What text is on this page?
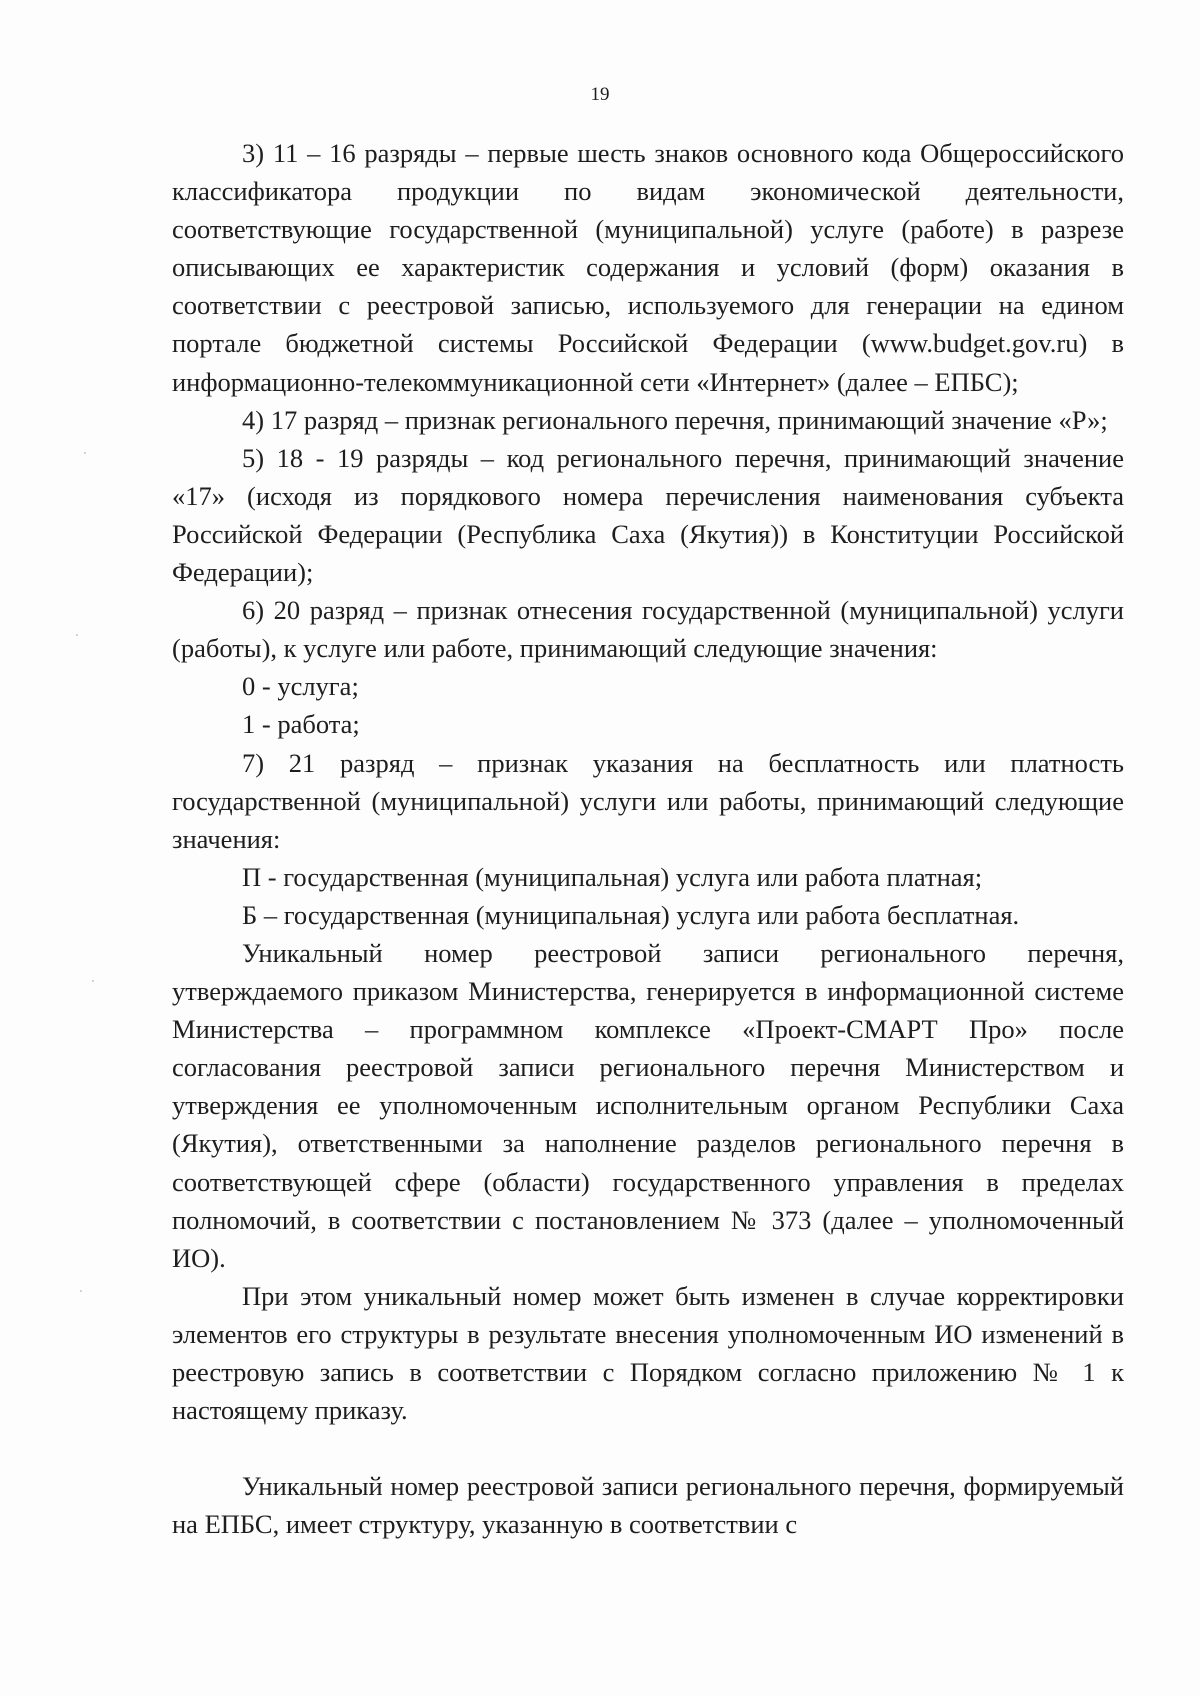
19

3) 11 – 16 разряды – первые шесть знаков основного кода Общероссийского классификатора продукции по видам экономической деятельности, соответствующие государственной (муниципальной) услуге (работе) в разрезе описывающих ее характеристик содержания и условий (форм) оказания в соответствии с реестровой записью, используемого для генерации на едином портале бюджетной системы Российской Федерации (www.budget.gov.ru) в информационно-телекоммуникационной сети «Интернет» (далее – ЕПБС);

4) 17 разряд – признак регионального перечня, принимающий значение «Р»;

5) 18 - 19 разряды – код регионального перечня, принимающий значение «17» (исходя из порядкового номера перечисления наименования субъекта Российской Федерации (Республика Саха (Якутия)) в Конституции Российской Федерации);

6) 20 разряд – признак отнесения государственной (муниципальной) услуги (работы), к услуге или работе, принимающий следующие значения:

0 - услуга;

1 - работа;

7) 21 разряд – признак указания на бесплатность или платность государственной (муниципальной) услуги или работы, принимающий следующие значения:

П - государственная (муниципальная) услуга или работа платная;

Б – государственная (муниципальная) услуга или работа бесплатная.

Уникальный номер реестровой записи регионального перечня, утверждаемого приказом Министерства, генерируется в информационной системе Министерства – программном комплексе «Проект-СМАРТ Про» после согласования реестровой записи регионального перечня Министерством и утверждения ее уполномоченным исполнительным органом Республики Саха (Якутия), ответственными за наполнение разделов регионального перечня в соответствующей сфере (области) государственного управления в пределах полномочий, в соответствии с постановлением № 373 (далее – уполномоченный ИО).

При этом уникальный номер может быть изменен в случае корректировки элементов его структуры в результате внесения уполномоченным ИО изменений в реестровую запись в соответствии с Порядком согласно приложению № 1 к настоящему приказу.

Уникальный номер реестровой записи регионального перечня, формируемый на ЕПБС, имеет структуру, указанную в соответствии с
